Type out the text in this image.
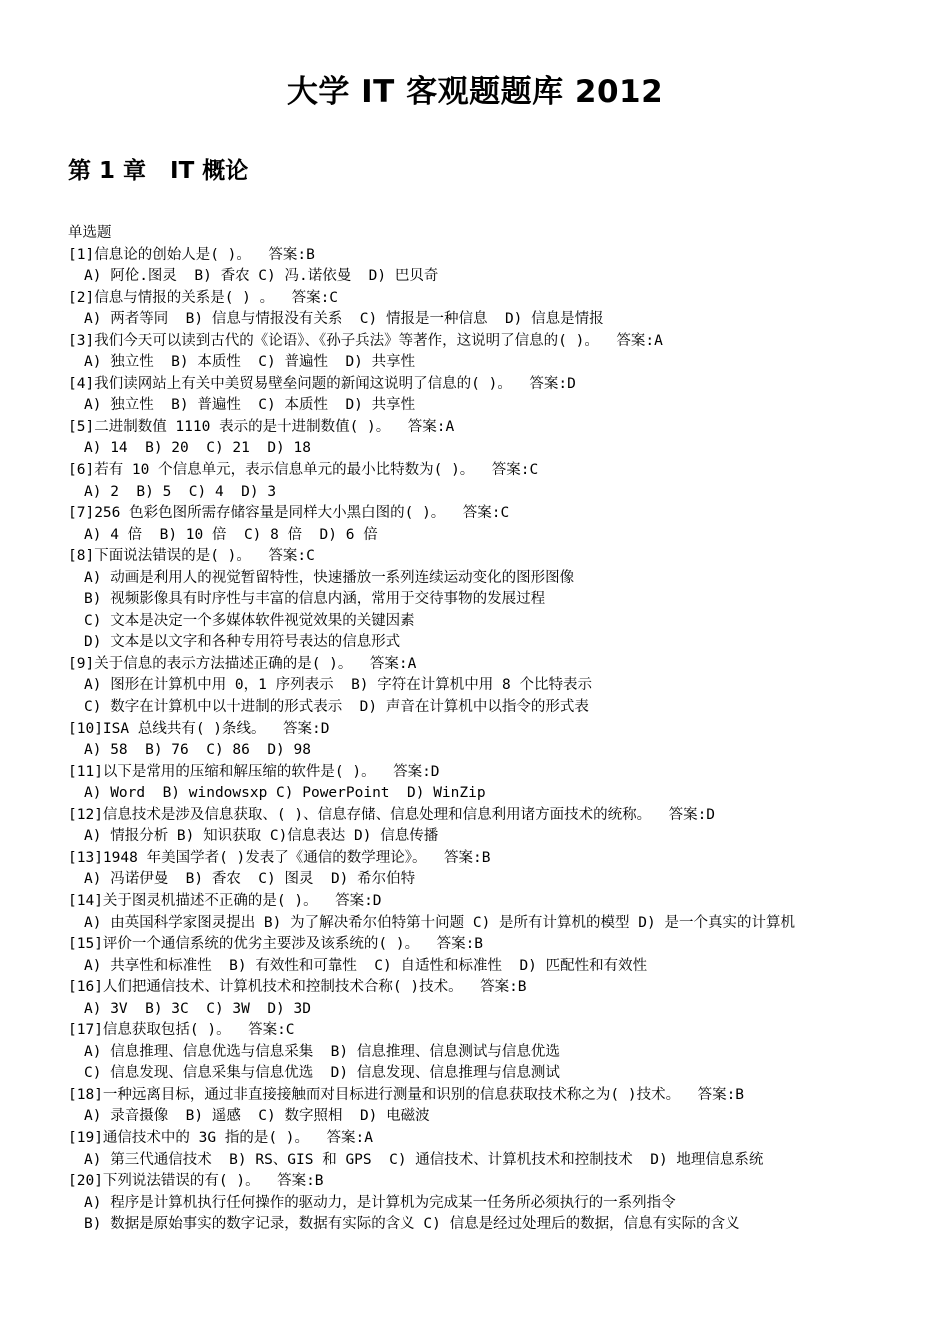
大学 IT 客观题题库 2012
第 1 章   IT 概论
单选题
[1]信息论的创始人是( )。  答案:B
A) 阿伦.图灵  B) 香农 C) 冯.诺依曼  D) 巴贝奇
[2]信息与情报的关系是( ) 。  答案:C
A) 两者等同  B) 信息与情报没有关系  C) 情报是一种信息  D) 信息是情报
[3]我们今天可以读到古代的《论语》、《孙子兵法》等著作，这说明了信息的( )。  答案:A
A) 独立性  B) 本质性  C) 普遍性  D) 共享性
[4]我们读网站上有关中美贸易壁垒问题的新闻这说明了信息的( )。  答案:D
A) 独立性  B) 普遍性  C) 本质性  D) 共享性
[5]二进制数值 1110 表示的是十进制数值( )。  答案:A
A) 14  B) 20  C) 21  D) 18
[6]若有 10 个信息单元，表示信息单元的最小比特数为( )。  答案:C
A) 2  B) 5  C) 4  D) 3
[7]256 色彩色图所需存储容量是同样大小黑白图的( )。  答案:C
A) 4 倍  B) 10 倍  C) 8 倍  D) 6 倍
[8]下面说法错误的是( )。  答案:C
A) 动画是利用人的视觉暂留特性，快速播放一系列连续运动变化的图形图像
B) 视频影像具有时序性与丰富的信息内涵，常用于交待事物的发展过程
C) 文本是决定一个多媒体软件视觉效果的关键因素
D) 文本是以文字和各种专用符号表达的信息形式
[9]关于信息的表示方法描述正确的是( )。  答案:A
A) 图形在计算机中用 0，1 序列表示  B) 字符在计算机中用 8 个比特表示
C) 数字在计算机中以十进制的形式表示  D) 声音在计算机中以指令的形式表
[10]ISA 总线共有( )条线。  答案:D
A) 58  B) 76  C) 86  D) 98
[11]以下是常用的压缩和解压缩的软件是( )。  答案:D
A) Word  B) windowsxp C) PowerPoint  D) WinZip
[12]信息技术是涉及信息获取、( )、信息存储、信息处理和信息利用诸方面技术的统称。  答案:D
A) 情报分析 B) 知识获取 C)信息表达 D) 信息传播
[13]1948 年美国学者( )发表了《通信的数学理论》。  答案:B
A) 冯诺伊曼  B) 香农  C) 图灵  D) 希尔伯特
[14]关于图灵机描述不正确的是( )。  答案:D
A) 由英国科学家图灵提出 B) 为了解决希尔伯特第十问题 C) 是所有计算机的模型 D) 是一个真实的计算机
[15]评价一个通信系统的优劣主要涉及该系统的( )。  答案:B
A) 共享性和标准性  B) 有效性和可靠性  C) 自适性和标准性  D) 匹配性和有效性
[16]人们把通信技术、计算机技术和控制技术合称( )技术。  答案:B
A) 3V  B) 3C  C) 3W  D) 3D
[17]信息获取包括( )。  答案:C
A) 信息推理、信息优选与信息采集  B) 信息推理、信息测试与信息优选
C) 信息发现、信息采集与信息优选  D) 信息发现、信息推理与信息测试
[18]一种远离目标，通过非直接接触而对目标进行测量和识别的信息获取技术称之为( )技术。  答案:B
A) 录音摄像  B) 遥感  C) 数字照相  D) 电磁波
[19]通信技术中的 3G 指的是( )。  答案:A
A) 第三代通信技术  B) RS、GIS 和 GPS  C) 通信技术、计算机技术和控制技术  D) 地理信息系统
[20]下列说法错误的有( )。  答案:B
A) 程序是计算机执行任何操作的驱动力，是计算机为完成某一任务所必须执行的一系列指令
B) 数据是原始事实的数字记录，数据有实际的含义 C) 信息是经过处理后的数据，信息有实际的含义
